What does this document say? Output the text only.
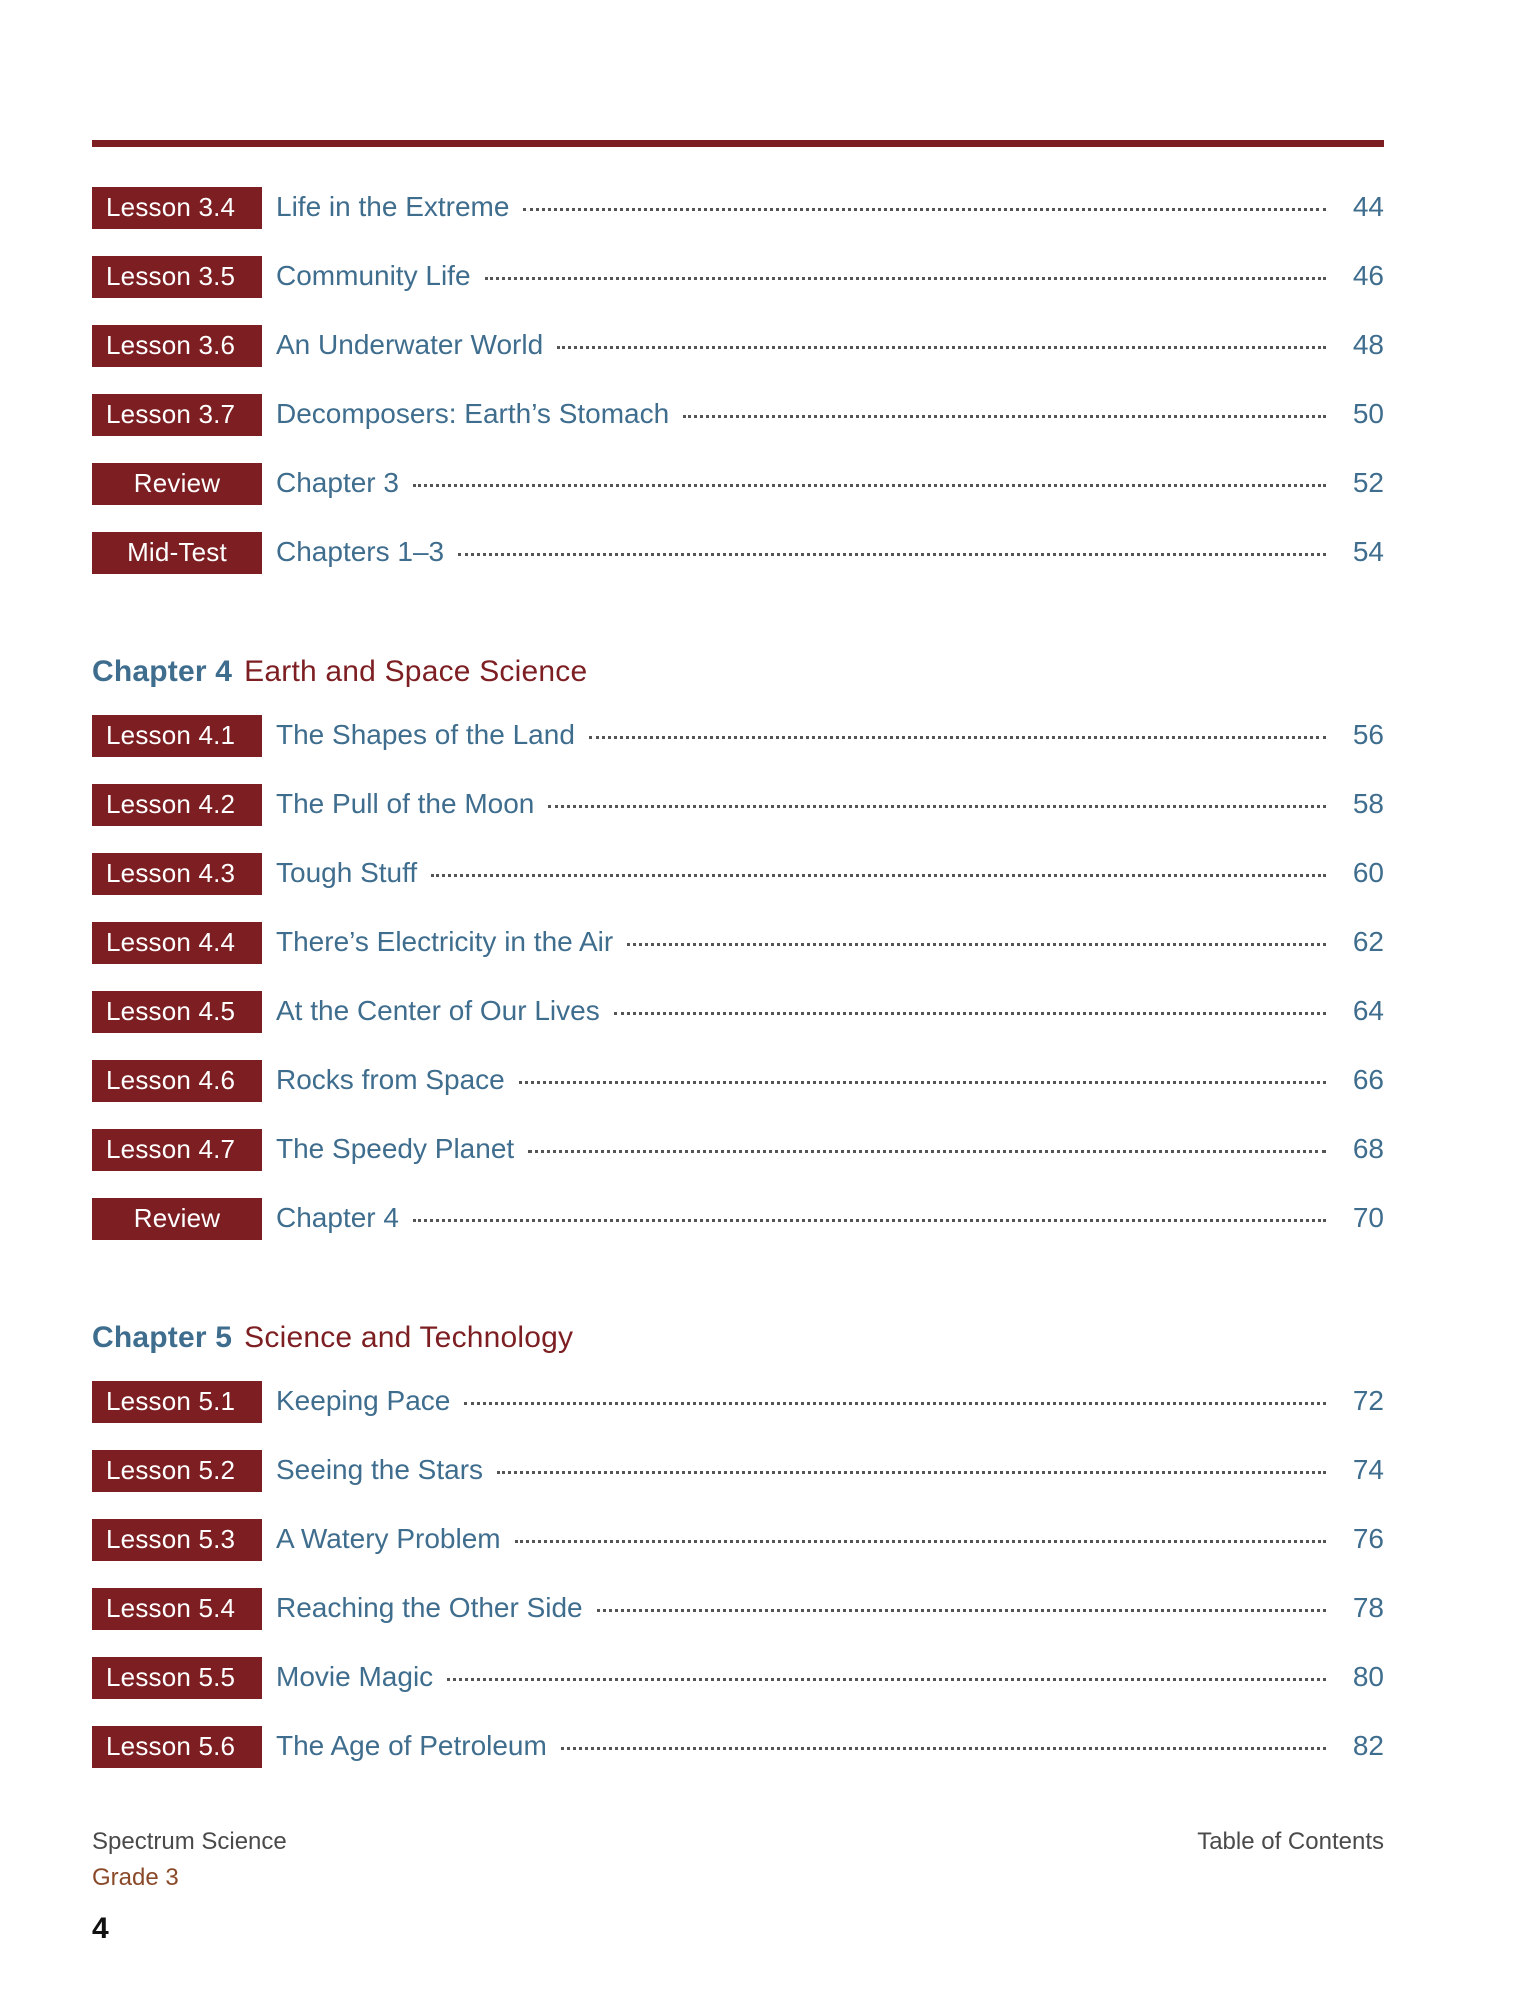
Lesson 3.4	Life in the Extreme	44
Lesson 3.5	Community Life	46
Lesson 3.6	An Underwater World	48
Lesson 3.7	Decomposers: Earth’s Stomach	50
Review	Chapter 3	52
Mid-Test	Chapters 1–3	54
Chapter 4 Earth and Space Science
Lesson 4.1	The Shapes of the Land	56
Lesson 4.2	The Pull of the Moon	58
Lesson 4.3	Tough Stuff	60
Lesson 4.4	There’s Electricity in the Air	62
Lesson 4.5	At the Center of Our Lives	64
Lesson 4.6	Rocks from Space	66
Lesson 4.7	The Speedy Planet	68
Review	Chapter 4	70
Chapter 5 Science and Technology
Lesson 5.1	Keeping Pace	72
Lesson 5.2	Seeing the Stars	74
Lesson 5.3	A Watery Problem	76
Lesson 5.4	Reaching the Other Side	78
Lesson 5.5	Movie Magic	80
Lesson 5.6	The Age of Petroleum	82
Spectrum Science	Table of Contents
Grade 3
4
